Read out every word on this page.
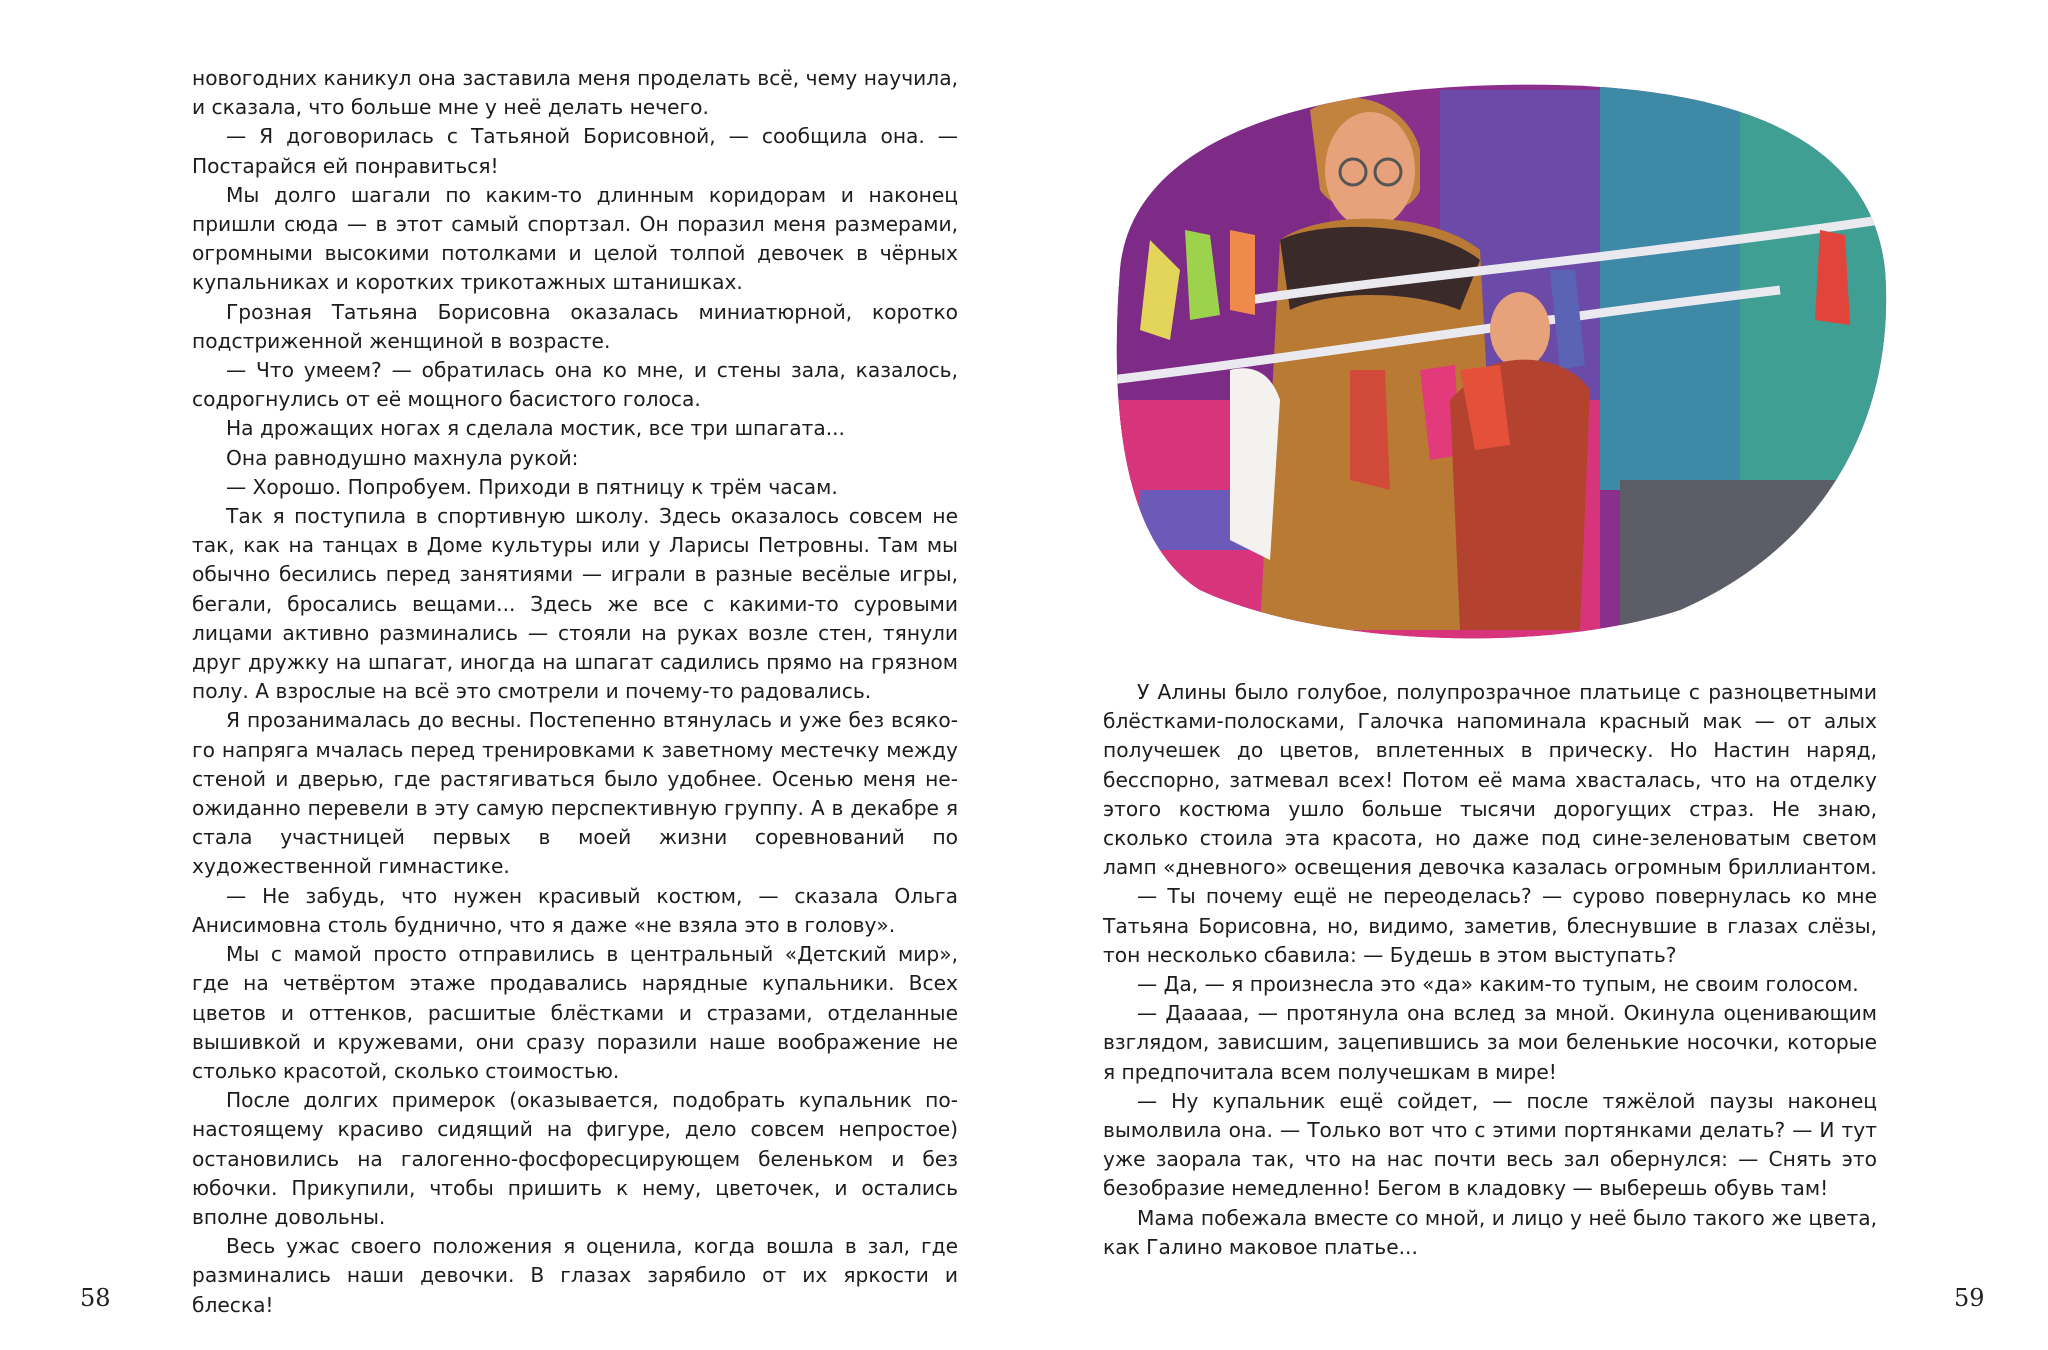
новогодних каникул она заставила меня проделать всё, чему научила, и сказала, что больше мне у неё делать нечего.

— Я договорилась с Татьяной Борисовной, — сообщила она. — Постарайся ей понравиться!

Мы долго шагали по каким-то длинным коридорам и наконец пришли сюда — в этот самый спортзал. Он поразил меня размерами, огромными высокими потолками и целой толпой девочек в чёрных купальниках и коротких трикотажных штанишках.

Грозная Татьяна Борисовна оказалась миниатюрной, коротко подстриженной женщиной в возрасте.

— Что умеем? — обратилась она ко мне, и стены зала, казалось, содрогнулись от её мощного басистого голоса.

На дрожащих ногах я сделала мостик, все три шпагата...

Она равнодушно махнула рукой:

— Хорошо. Попробуем. Приходи в пятницу к трём часам.

Так я поступила в спортивную школу. Здесь оказалось совсем не так, как на танцах в Доме культуры или у Ларисы Петровны. Там мы обычно бесились перед занятиями — играли в разные весёлые игры, бегали, бросались вещами... Здесь же все с какими-то суровыми лицами активно разминались — стояли на руках возле стен, тянули друг дружку на шпагат, иногда на шпагат садились прямо на грязном полу. А взрослые на всё это смотрели и почему-то радовались.

Я прозанималась до весны. Постепенно втянулась и уже без всякого напряга мчалась перед тренировками к заветному местечку между стеной и дверью, где растягиваться было удобнее. Осенью меня неожиданно перевели в эту самую перспективную группу. А в декабре я стала участницей первых в моей жизни соревнований по художественной гимнастике.

— Не забудь, что нужен красивый костюм, — сказала Ольга Анисимовна столь буднично, что я даже «не взяла это в голову».

Мы с мамой просто отправились в центральный «Детский мир», где на четвёртом этаже продавались нарядные купальники. Всех цветов и оттенков, расшитые блёстками и стразами, отделанные вышивкой и кружевами, они сразу поразили наше воображение не столько красотой, сколько стоимостью.

После долгих примерок (оказывается, подобрать купальник по-настоящему красиво сидящий на фигуре, дело совсем непростое) остановились на галогенно-фосфоресцирующем беленьком и без юбочки. Прикупили, чтобы пришить к нему, цветочек, и остались вполне довольны.

Весь ужас своего положения я оценила, когда вошла в зал, где разминались наши девочки. В глазах зарябило от их яркости и блеска!

58

У Алины было голубое, полупрозрачное платьице с разноцветными блёстками-полосками, Галочка напоминала красный мак — от алых получешек до цветов, вплетенных в прическу. Но Настин наряд, бесспорно, затмевал всех! Потом её мама хвасталась, что на отделку этого костюма ушло больше тысячи дорогущих страз. Не знаю, сколько стоила эта красота, но даже под сине-зеленоватым светом ламп «дневного» освещения девочка казалась огромным бриллиантом.

— Ты почему ещё не переоделась? — сурово повернулась ко мне Татьяна Борисовна, но, видимо, заметив, блеснувшие в глазах слёзы, тон несколько сбавила: — Будешь в этом выступать?

— Да, — я произнесла это «да» каким-то тупым, не своим голосом.

— Дааааа, — протянула она вслед за мной. Окинула оценивающим взглядом, зависшим, зацепившись за мои беленькие носочки, которые я предпочитала всем получешкам в мире!

— Ну купальник ещё сойдет, — после тяжёлой паузы наконец вымолвила она. — Только вот что с этими портянками делать? — И тут уже заорала так, что на нас почти весь зал обернулся: — Снять это безобразие немедленно! Бегом в кладовку — выберешь обувь там!

Мама побежала вместе со мной, и лицо у неё было такого же цвета, как Галино маковое платье...

59
